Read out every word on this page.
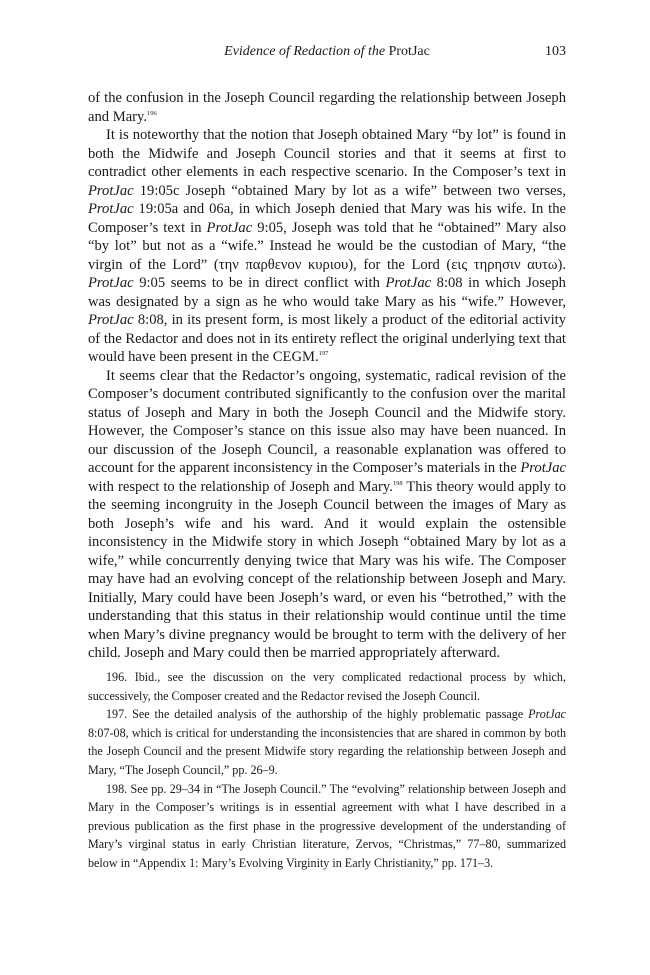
Evidence of Redaction of the ProtJac	103

of the confusion in the Joseph Council regarding the relationship between Joseph and Mary.$^{196}$

It is noteworthy that the notion that Joseph obtained Mary “by lot” is found in both the Midwife and Joseph Council stories and that it seems at first to contradict other elements in each respective scenario. In the Composer’s text in ProtJac 19:05c Joseph “obtained Mary by lot as a wife” between two verses, ProtJac 19:05a and 06a, in which Joseph denied that Mary was his wife. In the Composer’s text in ProtJac 9:05, Joseph was told that he “obtained” Mary also “by lot” but not as a “wife.” Instead he would be the custodian of Mary, “the virgin of the Lord” (την παρθενον κυριου), for the Lord (εις τηρησιν αυτω). ProtJac 9:05 seems to be in direct conflict with ProtJac 8:08 in which Joseph was designated by a sign as he who would take Mary as his “wife.” However, ProtJac 8:08, in its present form, is most likely a product of the editorial activity of the Redactor and does not in its entirety reflect the original underlying text that would have been present in the CEGM.$^{197}$

It seems clear that the Redactor’s ongoing, systematic, radical revision of the Composer’s document contributed significantly to the confusion over the marital status of Joseph and Mary in both the Joseph Council and the Midwife story. However, the Composer’s stance on this issue also may have been nuanced. In our discussion of the Joseph Council, a reasonable explanation was offered to account for the apparent inconsistency in the Composer’s materials in the ProtJac with respect to the relationship of Joseph and Mary.$^{198}$ This theory would apply to the seeming incongruity in the Joseph Council between the images of Mary as both Joseph’s wife and his ward. And it would explain the ostensible inconsistency in the Midwife story in which Joseph “obtained Mary by lot as a wife,” while concurrently denying twice that Mary was his wife. The Composer may have had an evolving concept of the relationship between Joseph and Mary. Initially, Mary could have been Joseph’s ward, or even his “betrothed,” with the understanding that this status in their relationship would continue until the time when Mary’s divine pregnancy would be brought to term with the delivery of her child. Joseph and Mary could then be married appropriately afterward.

196. Ibid., see the discussion on the very complicated redactional process by which, successively, the Composer created and the Redactor revised the Joseph Council.

197. See the detailed analysis of the authorship of the highly problematic passage ProtJac 8:07-08, which is critical for understanding the inconsistencies that are shared in common by both the Joseph Council and the present Midwife story regarding the relationship between Joseph and Mary, “The Joseph Council,” pp. 26–9.

198. See pp. 29–34 in “The Joseph Council.” The “evolving” relationship between Joseph and Mary in the Composer’s writings is in essential agreement with what I have described in a previous publication as the first phase in the progressive development of the understanding of Mary’s virginal status in early Christian literature, Zervos, “Christmas,” 77–80, summarized below in “Appendix 1: Mary’s Evolving Virginity in Early Christianity,” pp. 171–3.
